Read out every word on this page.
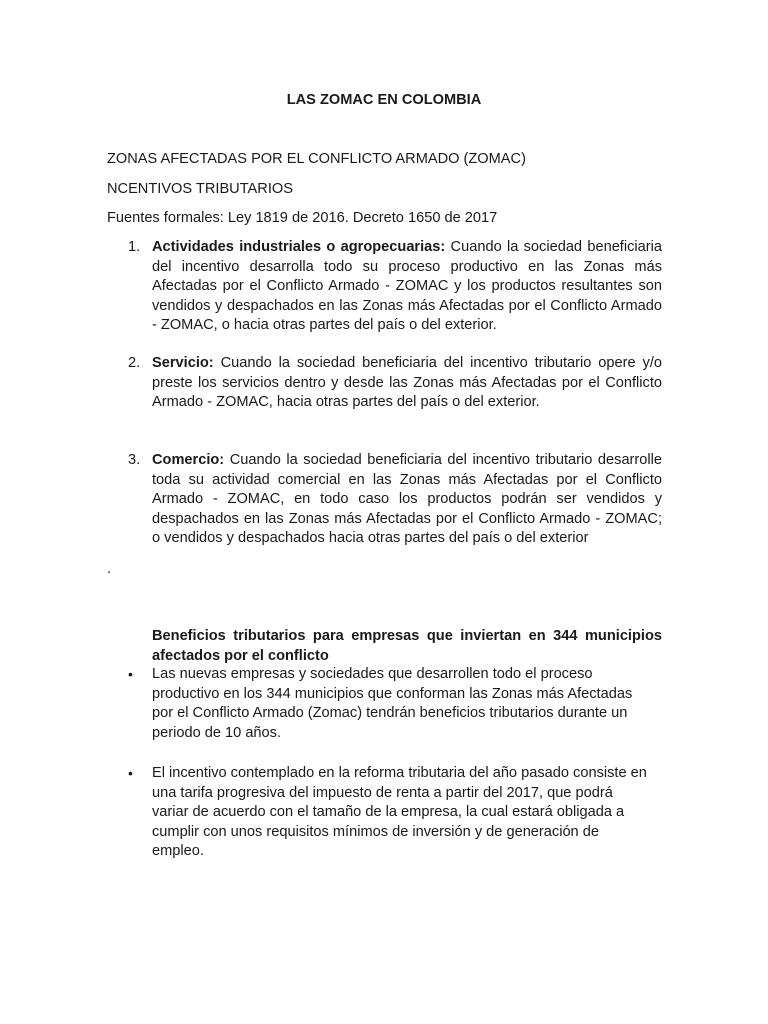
LAS ZOMAC EN COLOMBIA
ZONAS AFECTADAS POR EL CONFLICTO ARMADO (ZOMAC)
NCENTIVOS TRIBUTARIOS
Fuentes formales: Ley 1819 de 2016. Decreto 1650 de 2017
1. Actividades industriales o agropecuarias: Cuando la sociedad beneficiaria del incentivo desarrolla todo su proceso productivo en las Zonas más Afectadas por el Conflicto Armado - ZOMAC y los productos resultantes son vendidos y despachados en las Zonas más Afectadas por el Conflicto Armado - ZOMAC, o hacia otras partes del país o del exterior.
2. Servicio: Cuando la sociedad beneficiaria del incentivo tributario opere y/o preste los servicios dentro y desde las Zonas más Afectadas por el Conflicto Armado - ZOMAC, hacia otras partes del país o del exterior.
3. Comercio: Cuando la sociedad beneficiaria del incentivo tributario desarrolle toda su actividad comercial en las Zonas más Afectadas por el Conflicto Armado - ZOMAC, en todo caso los productos podrán ser vendidos y despachados en las Zonas más Afectadas por el Conflicto Armado - ZOMAC; o vendidos y despachados hacia otras partes del país o del exterior
.
Beneficios tributarios para empresas que inviertan en 344 municipios afectados por el conflicto
• Las nuevas empresas y sociedades que desarrollen todo el proceso productivo en los 344 municipios que conforman las Zonas más Afectadas por el Conflicto Armado (Zomac) tendrán beneficios tributarios durante un periodo de 10 años.
• El incentivo contemplado en la reforma tributaria del año pasado consiste en una tarifa progresiva del impuesto de renta a partir del 2017, que podrá variar de acuerdo con el tamaño de la empresa, la cual estará obligada a cumplir con unos requisitos mínimos de inversión y de generación de empleo.
